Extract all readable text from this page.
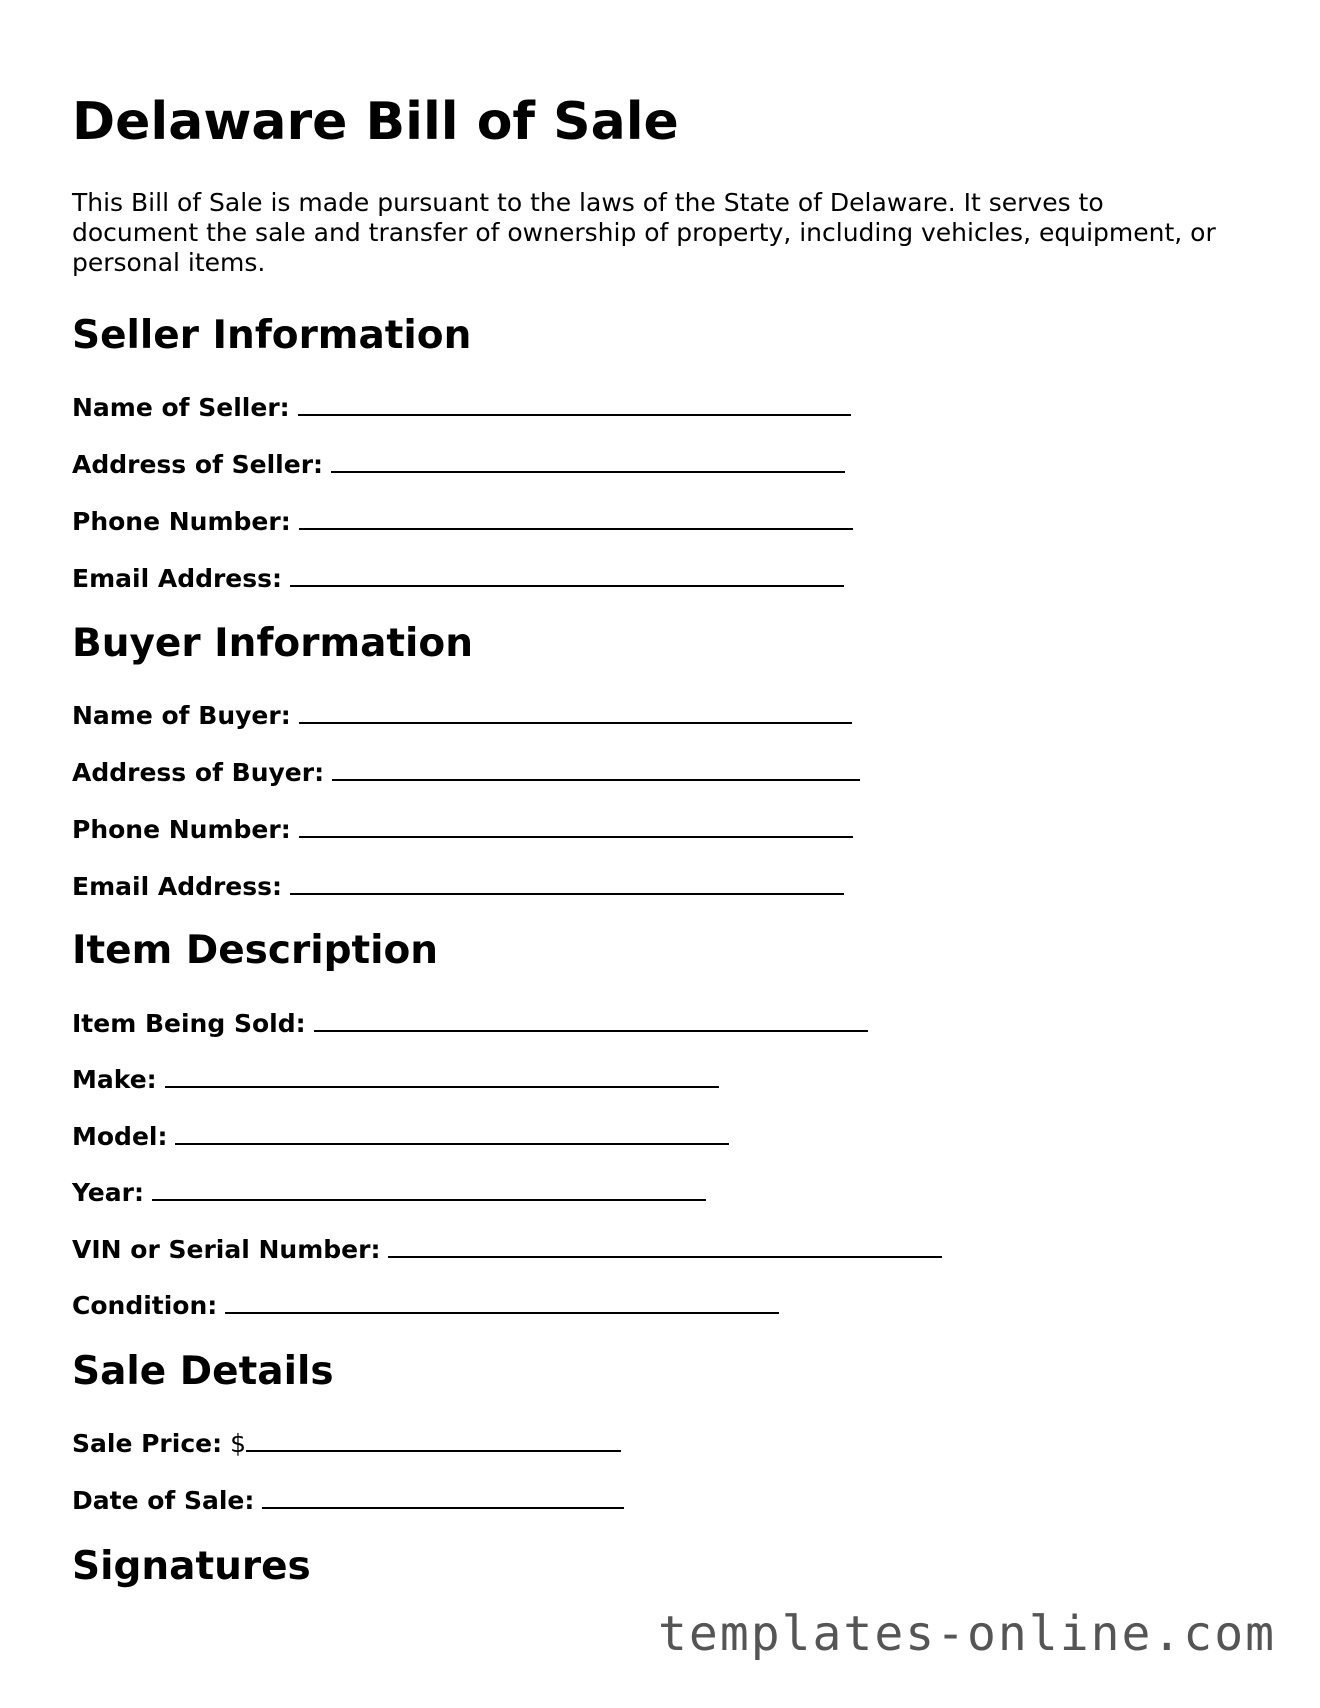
Delaware Bill of Sale

This Bill of Sale is made pursuant to the laws of the State of Delaware. It serves to document the sale and transfer of ownership of property, including vehicles, equipment, or personal items.

Seller Information
Name of Seller:
Address of Seller:
Phone Number:
Email Address:
Buyer Information
Name of Buyer:
Address of Buyer:
Phone Number:
Email Address:
Item Description
Item Being Sold:
Make:
Model:
Year:
VIN or Serial Number:
Condition:
Sale Details
Sale Price: $
Date of Sale:
Signatures
templates-online.com
